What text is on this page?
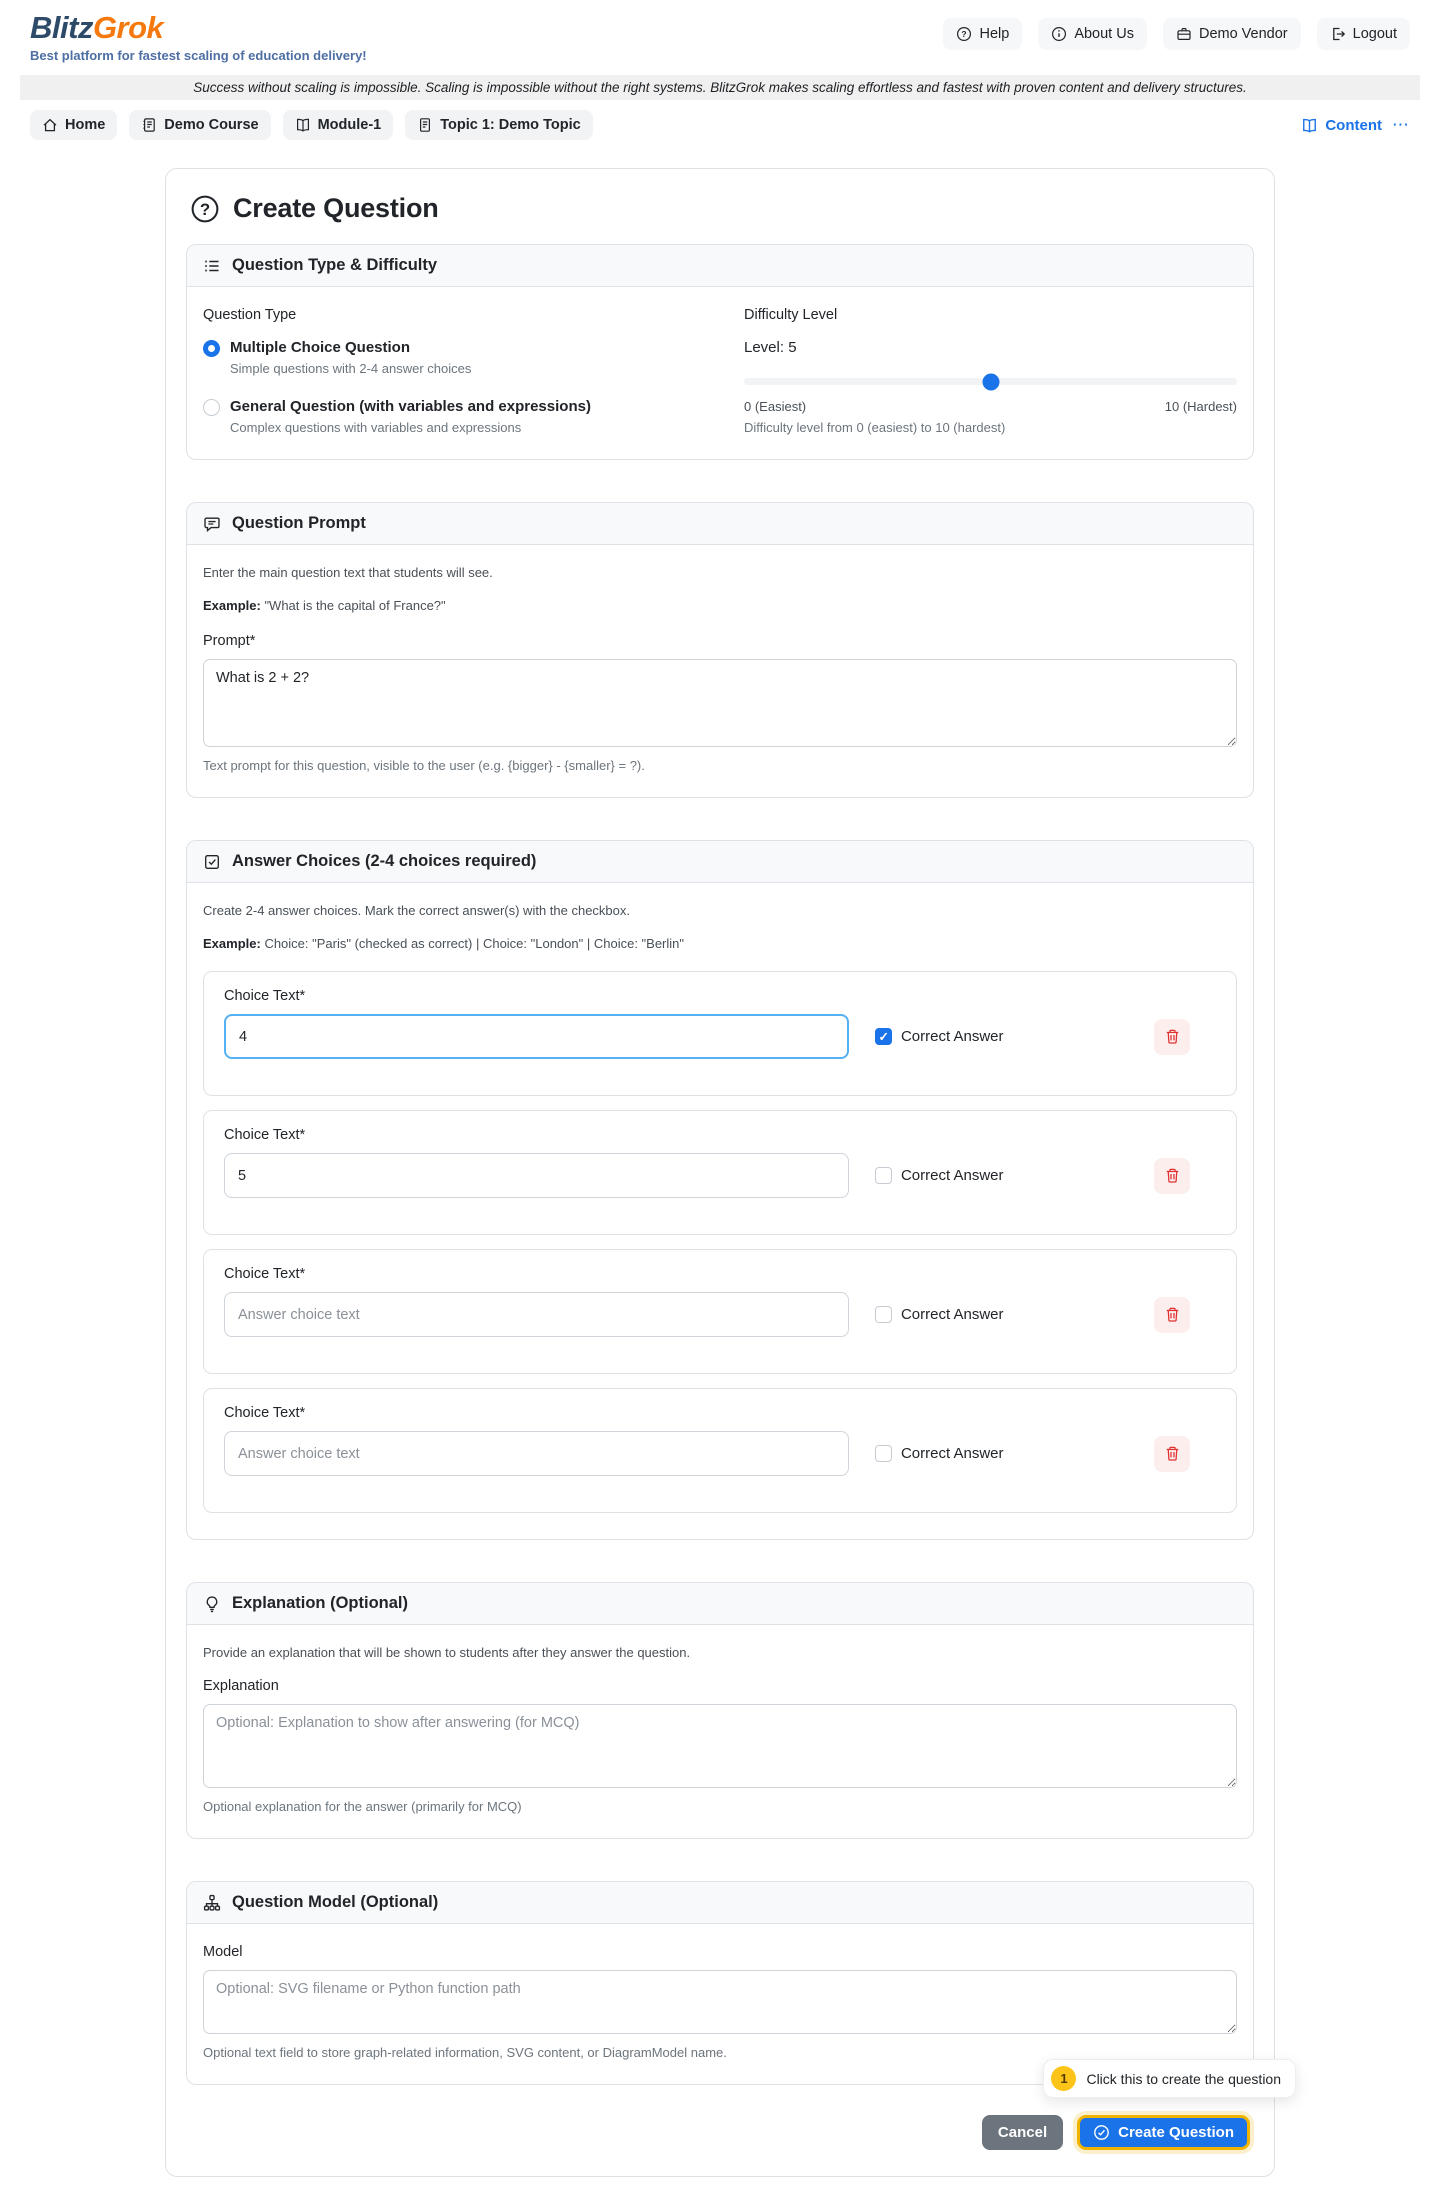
BlitzGrok
Best platform for fastest scaling of education delivery!
? Help	About Us	Demo Vendor	Logout
Success without scaling is impossible. Scaling is impossible without the right systems. BlitzGrok makes scaling effortless and fastest with proven content and delivery structures.
Home	Demo Course	Module-1	Topic 1: Demo Topic	Content ⋯
? Create Question
Question Type & Difficulty
Question Type
Multiple Choice Question
Simple questions with 2-4 answer choices
General Question (with variables and expressions)
Complex questions with variables and expressions
Difficulty Level
Level: 5
0 (Easiest)	10 (Hardest)
Difficulty level from 0 (easiest) to 10 (hardest)
Question Prompt
Enter the main question text that students will see.
Example: "What is the capital of France?"
Prompt*
What is 2 + 2?
Text prompt for this question, visible to the user (e.g. {bigger} - {smaller} = ?).
Answer Choices (2-4 choices required)
Create 2-4 answer choices. Mark the correct answer(s) with the checkbox.
Example: Choice: "Paris" (checked as correct) | Choice: "London" | Choice: "Berlin"
Choice Text*
4
Correct Answer
Choice Text*
5
Correct Answer
Choice Text*
Answer choice text
Correct Answer
Choice Text*
Answer choice text
Correct Answer
Explanation (Optional)
Provide an explanation that will be shown to students after they answer the question.
Explanation
Optional: Explanation to show after answering (for MCQ)
Optional explanation for the answer (primarily for MCQ)
Question Model (Optional)
Model
Optional: SVG filename or Python function path
Optional text field to store graph-related information, SVG content, or DiagramModel name.
1	Click this to create the question
Cancel	Create Question
